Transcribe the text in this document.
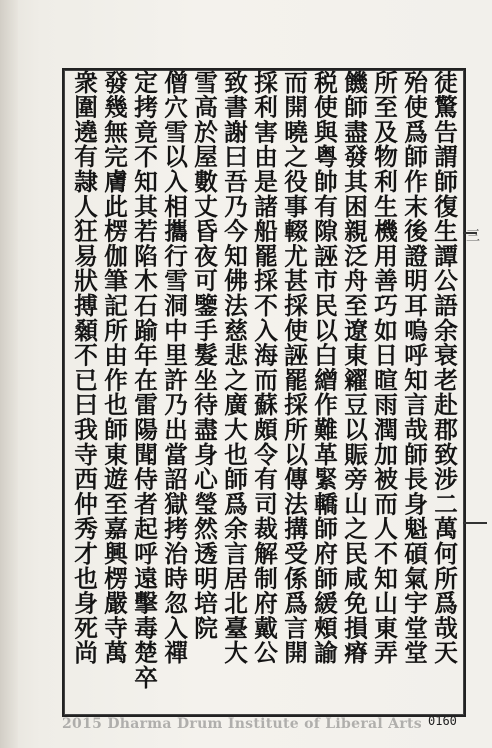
徒驚告謂師復生譚公語余衰老赴郡致涉二萬何所爲哉天
殆使爲師作末後證明耳嗚呼知言哉師長身魁碩氣宇堂堂
所至及物利生機用善巧如日暄雨潤加被而人不知山東弄
饑師盡發其困親泛舟至遼東糴豆以賑旁山之民咸免損瘠
税使與粤帥有隙誣市民以白繒作難革緊轎師府師緩頰諭
而開曉之役事輟尤甚採使誣罷採所以傳法搆受係爲言開
採利害由是諸船罷採不入海而蘇頗令有司裁解制府戴公
致書謝曰吾乃今知佛法慈悲之廣大也師爲余言居北臺大
雪高於屋數丈昏夜可鑒手髮坐待盡身心瑩然透明培院
僧穴雪以入相攜行雪洞中里許乃出當詔獄拷治時忽入禪
定拷竟不知其若陷木石踰年在雷陽聞侍者起呼遠擊毒楚卒
發幾無完膚此楞伽筆記所由作也師東遊至嘉興楞嚴寺萬
衆圍遶有隷人狂易狀搏顙不已曰我寺西仲秀才也身死尚	三
2015 Dharma Drum Institute of Liberal Arts 0160
